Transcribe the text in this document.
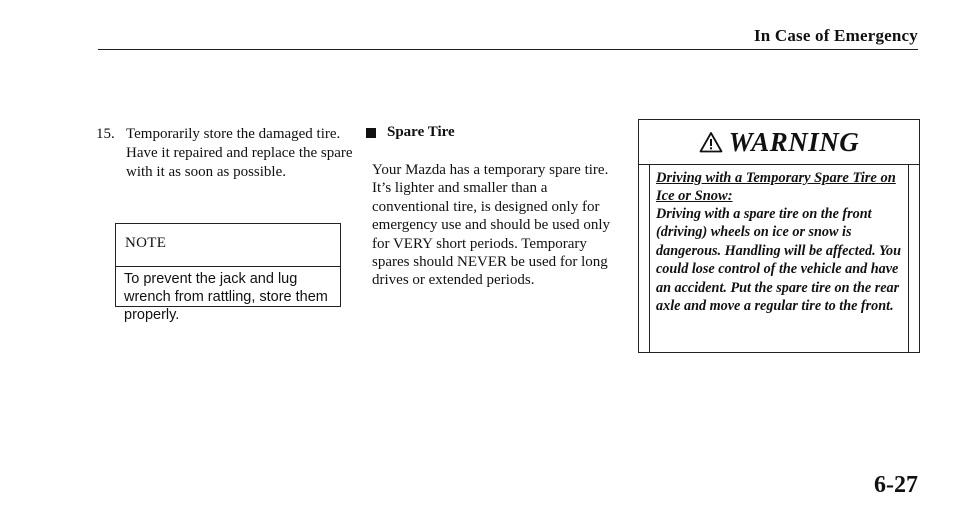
In Case of Emergency
15. Temporarily store the damaged tire. Have it repaired and replace the spare with it as soon as possible.
NOTE
To prevent the jack and lug wrench from rattling, store them properly.
Spare Tire
Your Mazda has a temporary spare tire. It’s lighter and smaller than a conventional tire, is designed only for emergency use and should be used only for VERY short periods. Temporary spares should NEVER be used for long drives or extended periods.
WARNING
Driving with a Temporary Spare Tire on Ice or Snow:
Driving with a spare tire on the front (driving) wheels on ice or snow is dangerous. Handling will be affected. You could lose control of the vehicle and have an accident. Put the spare tire on the rear axle and move a regular tire to the front.
6-27
